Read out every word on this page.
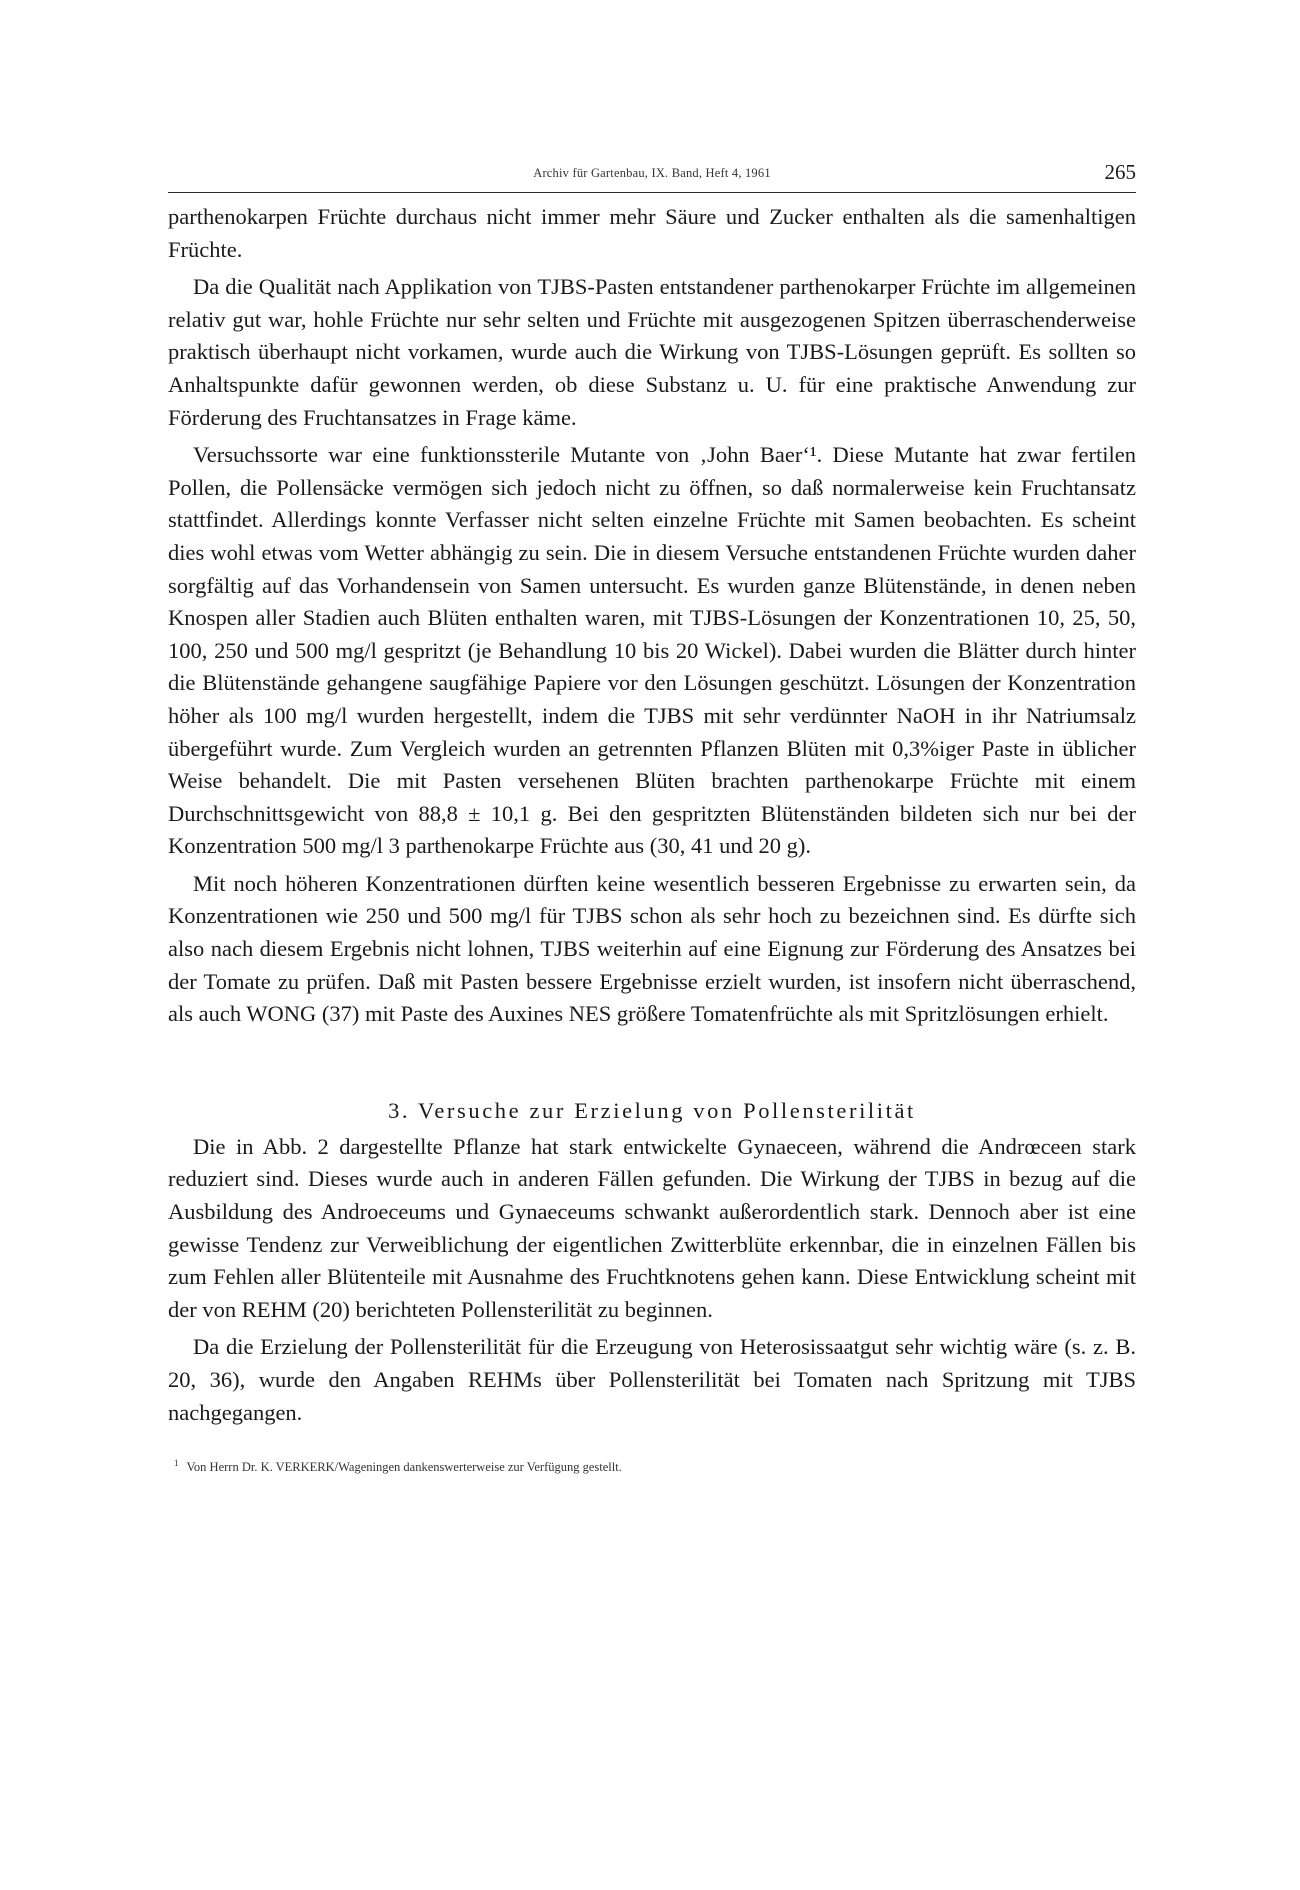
Archiv für Gartenbau, IX. Band, Heft 4, 1961	265

parthenokarpen Früchte durchaus nicht immer mehr Säure und Zucker enthalten als die samenhaltigen Früchte.

Da die Qualität nach Applikation von TJBS-Pasten entstandener parthenokarper Früchte im allgemeinen relativ gut war, hohle Früchte nur sehr selten und Früchte mit ausgezogenen Spitzen überraschenderweise praktisch überhaupt nicht vorkamen, wurde auch die Wirkung von TJBS-Lösungen geprüft. Es sollten so Anhaltspunkte dafür gewonnen werden, ob diese Substanz u. U. für eine praktische Anwendung zur Förderung des Fruchtansatzes in Frage käme.

Versuchssorte war eine funktionssterile Mutante von ‚John Baer‘¹. Diese Mutante hat zwar fertilen Pollen, die Pollensäcke vermögen sich jedoch nicht zu öffnen, so daß normalerweise kein Fruchtansatz stattfindet. Allerdings konnte Verfasser nicht selten einzelne Früchte mit Samen beobachten. Es scheint dies wohl etwas vom Wetter abhängig zu sein. Die in diesem Versuche entstandenen Früchte wurden daher sorgfältig auf das Vorhandensein von Samen untersucht. Es wurden ganze Blütenstände, in denen neben Knospen aller Stadien auch Blüten enthalten waren, mit TJBS-Lösungen der Konzentrationen 10, 25, 50, 100, 250 und 500 mg/l gespritzt (je Behandlung 10 bis 20 Wickel). Dabei wurden die Blätter durch hinter die Blütenstände gehangene saugfähige Papiere vor den Lösungen geschützt. Lösungen der Konzentration höher als 100 mg/l wurden hergestellt, indem die TJBS mit sehr verdünnter NaOH in ihr Natriumsalz übergeführt wurde. Zum Vergleich wurden an getrennten Pflanzen Blüten mit 0,3%iger Paste in üblicher Weise behandelt. Die mit Pasten versehenen Blüten brachten parthenokarpe Früchte mit einem Durchschnittsgewicht von 88,8 ± 10,1 g. Bei den gespritzten Blütenständen bildeten sich nur bei der Konzentration 500 mg/l 3 parthenokarpe Früchte aus (30, 41 und 20 g).

Mit noch höheren Konzentrationen dürften keine wesentlich besseren Ergebnisse zu erwarten sein, da Konzentrationen wie 250 und 500 mg/l für TJBS schon als sehr hoch zu bezeichnen sind. Es dürfte sich also nach diesem Ergebnis nicht lohnen, TJBS weiterhin auf eine Eignung zur Förderung des Ansatzes bei der Tomate zu prüfen. Daß mit Pasten bessere Ergebnisse erzielt wurden, ist insofern nicht überraschend, als auch WONG (37) mit Paste des Auxines NES größere Tomatenfrüchte als mit Spritzlösungen erhielt.

3. Versuche zur Erzielung von Pollensterilität

Die in Abb. 2 dargestellte Pflanze hat stark entwickelte Gynaeceen, während die Andrœceen stark reduziert sind. Dieses wurde auch in anderen Fällen gefunden. Die Wirkung der TJBS in bezug auf die Ausbildung des Androeceums und Gynaeceums schwankt außerordentlich stark. Dennoch aber ist eine gewisse Tendenz zur Verweiblichung der eigentlichen Zwitterblüte erkennbar, die in einzelnen Fällen bis zum Fehlen aller Blütenteile mit Ausnahme des Fruchtknotens gehen kann. Diese Entwicklung scheint mit der von REHM (20) berichteten Pollensterilität zu beginnen.

Da die Erzielung der Pollensterilität für die Erzeugung von Heterosissaatgut sehr wichtig wäre (s. z. B. 20, 36), wurde den Angaben REHMs über Pollensterilität bei Tomaten nach Spritzung mit TJBS nachgegangen.

$^1$ Von Herrn Dr. K. VERKERK/Wageningen dankenswerterweise zur Verfügung gestellt.
